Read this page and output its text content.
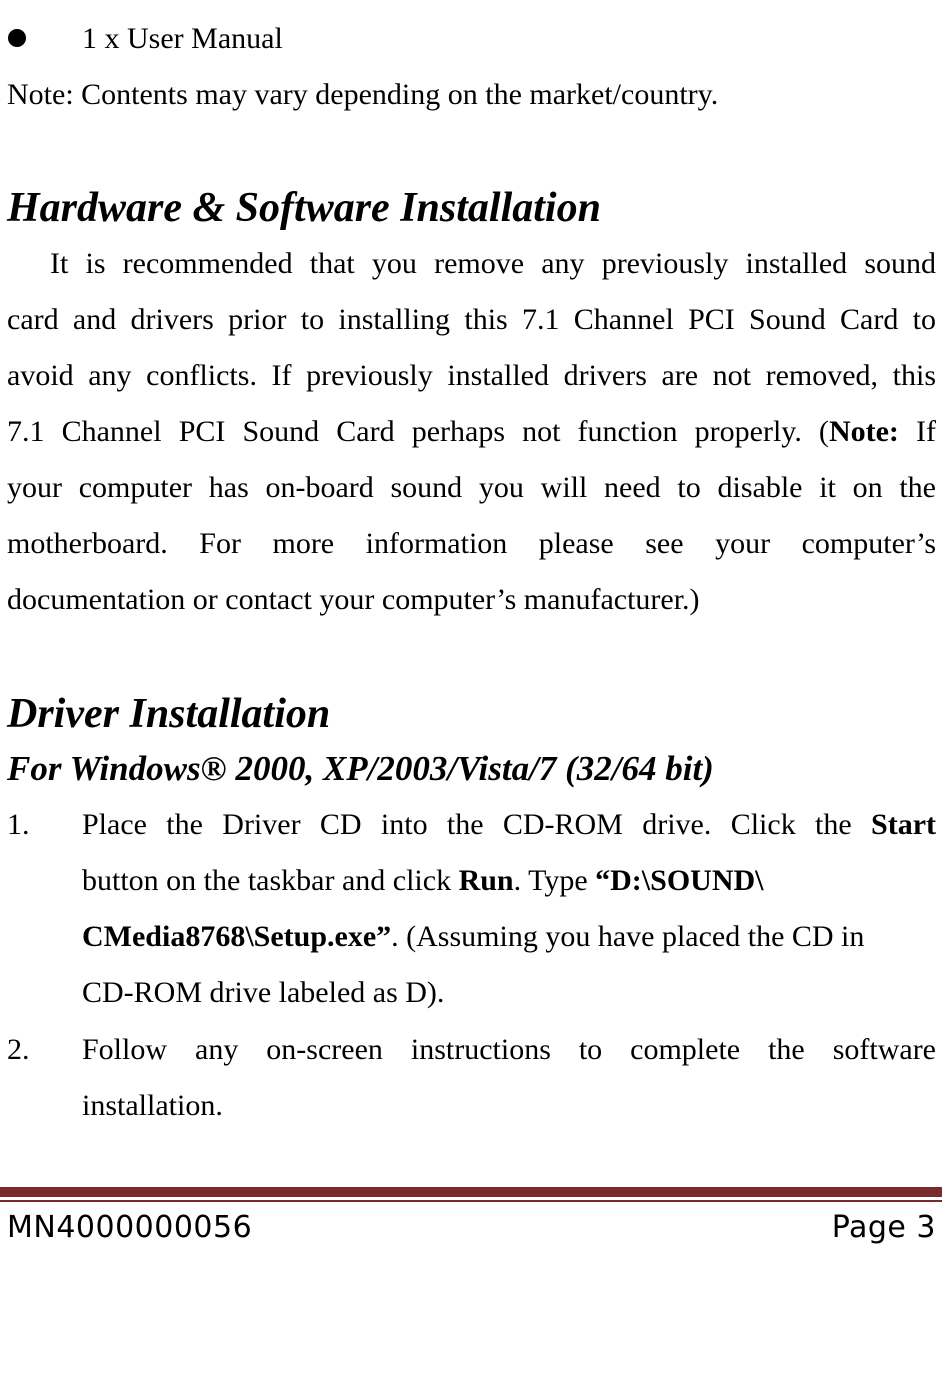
1 x User Manual
Note: Contents may vary depending on the market/country.
Hardware & Software Installation
It is recommended that you remove any previously installed sound
card and drivers prior to installing this 7.1 Channel PCI Sound Card to
avoid any conflicts. If previously installed drivers are not removed, this
7.1 Channel PCI Sound Card perhaps not function properly. (Note: If
your computer has on-board sound you will need to disable it on the
motherboard. For more information please see your computer’s
documentation or contact your computer’s manufacturer.)
Driver Installation
For Windows® 2000, XP/2003/Vista/7 (32/64 bit)
1. Place the Driver CD into the CD-ROM drive. Click the Start
button on the taskbar and click Run. Type “D:\SOUND\
CMedia8768\Setup.exe”. (Assuming you have placed the CD in
CD-ROM drive labeled as D).
2. Follow any on-screen instructions to complete the software
installation.
MN4000000056	Page 3
